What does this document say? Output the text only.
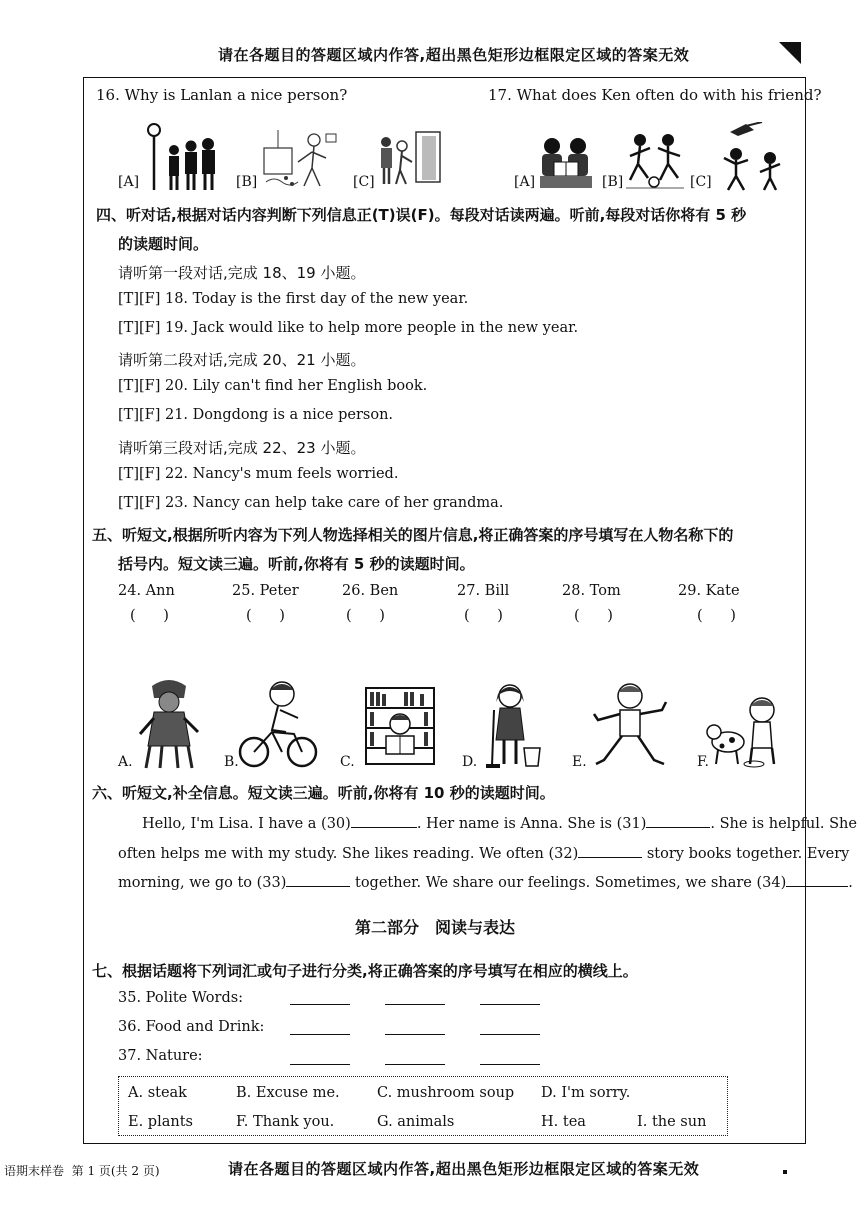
请在各题目的答题区域内作答,超出黑色矩形边框限定区域的答案无效
16. Why is Lanlan a nice person?	17. What does Ken often do with his friend?
[A]	[B]	[C]	[A]	[B]	[C]
四、听对话,根据对话内容判断下列信息正(T)误(F)。每段对话读两遍。听前,每段对话你将有 5 秒
的读题时间。
请听第一段对话,完成 18、19 小题。
[T][F] 18. Today is the first day of the new year.
[T][F] 19. Jack would like to help more people in the new year.
请听第二段对话,完成 20、21 小题。
[T][F] 20. Lily can't find her English book.
[T][F] 21. Dongdong is a nice person.
请听第三段对话,完成 22、23 小题。
[T][F] 22. Nancy's mum feels worried.
[T][F] 23. Nancy can help take care of her grandma.
五、听短文,根据所听内容为下列人物选择相关的图片信息,将正确答案的序号填写在人物名称下的
括号内。短文读三遍。听前,你将有 5 秒的读题时间。
24. Ann	25. Peter	26. Ben	27. Bill	28. Tom	29. Kate
(      )	(      )	(      )	(      )	(      )	(      )
A.	B.	C.	D.	E.	F.
六、听短文,补全信息。短文读三遍。听前,你将有 10 秒的读题时间。
Hello, I'm Lisa. I have a (30)	. Her name is Anna. She is (31)	. She is helpful. She
often helps me with my study. She likes reading. We often (32)	story books together. Every
morning, we go to (33)	together. We share our feelings. Sometimes, we share (34)	.
第二部分　阅读与表达
七、根据话题将下列词汇或句子进行分类,将正确答案的序号填写在相应的横线上。
35. Polite Words:
36. Food and Drink:
37. Nature:
A. steak	B. Excuse me.	C. mushroom soup D. I'm sorry.
E. plants	F. Thank you.	G. animals	H. tea	I. the sun
语期末样卷  第 1 页(共 2 页)	请在各题目的答题区域内作答,超出黑色矩形边框限定区域的答案无效
